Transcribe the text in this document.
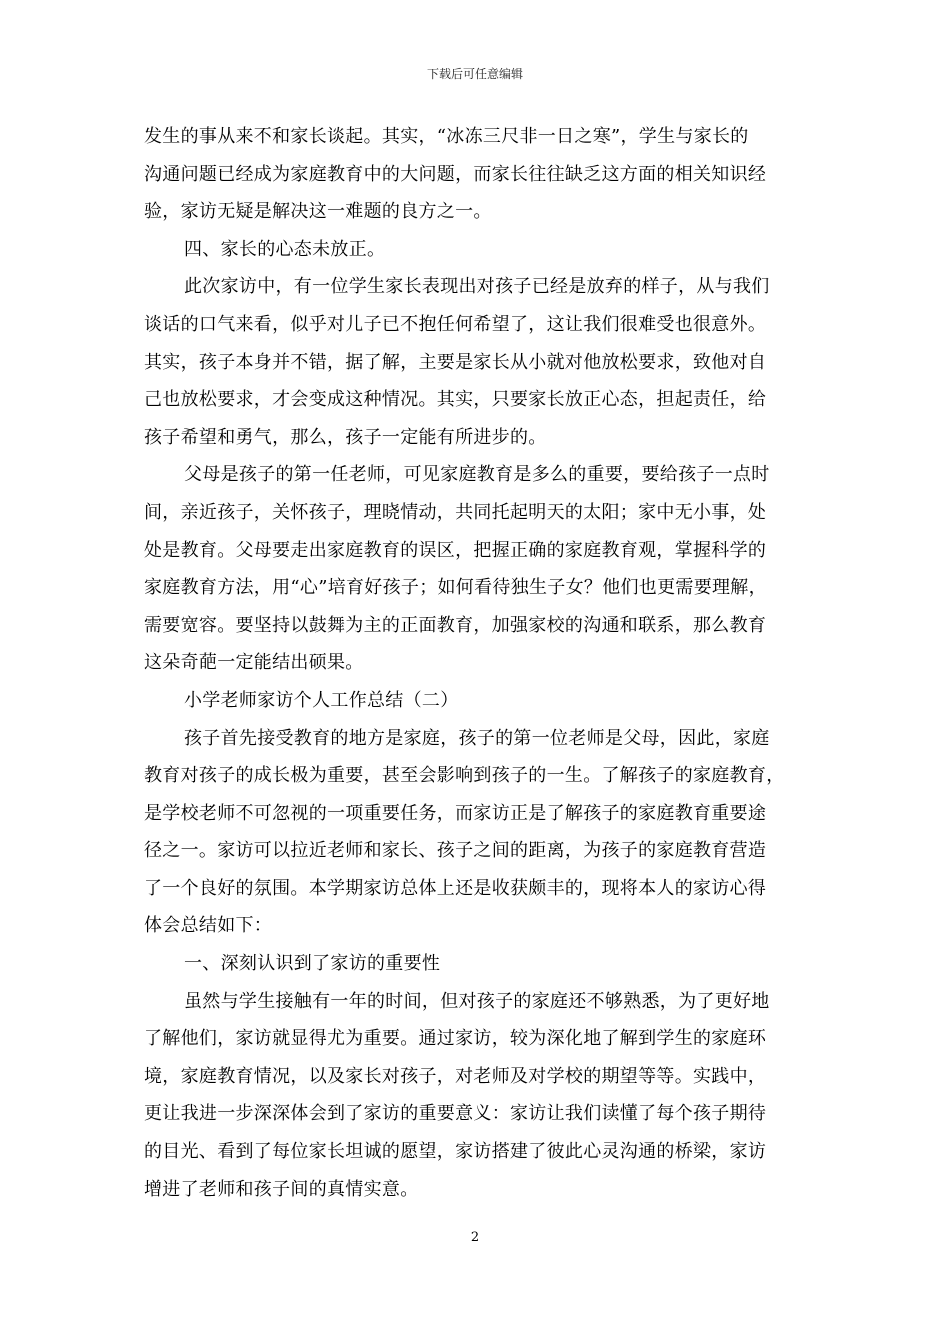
下载后可任意编辑
发生的事从来不和家长谈起。其实，“冰冻三尺非一日之寒”，学生与家长的
沟通问题已经成为家庭教育中的大问题，而家长往往缺乏这方面的相关知识经
验，家访无疑是解决这一难题的良方之一。
四、家长的心态未放正。
此次家访中，有一位学生家长表现出对孩子已经是放弃的样子，从与我们
谈话的口气来看，似乎对儿子已不抱任何希望了，这让我们很难受也很意外。
其实，孩子本身并不错，据了解，主要是家长从小就对他放松要求，致他对自
己也放松要求，才会变成这种情况。其实，只要家长放正心态，担起责任，给
孩子希望和勇气，那么，孩子一定能有所进步的。
父母是孩子的第一任老师，可见家庭教育是多么的重要，要给孩子一点时
间，亲近孩子，关怀孩子，理晓情动，共同托起明天的太阳；家中无小事，处
处是教育。父母要走出家庭教育的误区，把握正确的家庭教育观，掌握科学的
家庭教育方法，用“心”培育好孩子；如何看待独生子女？他们也更需要理解，
需要宽容。要坚持以鼓舞为主的正面教育，加强家校的沟通和联系，那么教育
这朵奇葩一定能结出硕果。
小学老师家访个人工作总结（二）
孩子首先接受教育的地方是家庭，孩子的第一位老师是父母，因此，家庭
教育对孩子的成长极为重要，甚至会影响到孩子的一生。了解孩子的家庭教育，
是学校老师不可忽视的一项重要任务，而家访正是了解孩子的家庭教育重要途
径之一。家访可以拉近老师和家长、孩子之间的距离，为孩子的家庭教育营造
了一个良好的氛围。本学期家访总体上还是收获颇丰的，现将本人的家访心得
体会总结如下：
一、深刻认识到了家访的重要性
虽然与学生接触有一年的时间，但对孩子的家庭还不够熟悉，为了更好地
了解他们，家访就显得尤为重要。通过家访，较为深化地了解到学生的家庭环
境，家庭教育情况，以及家长对孩子，对老师及对学校的期望等等。实践中，
更让我进一步深深体会到了家访的重要意义：家访让我们读懂了每个孩子期待
的目光、看到了每位家长坦诚的愿望，家访搭建了彼此心灵沟通的桥梁，家访
增进了老师和孩子间的真情实意。
2
